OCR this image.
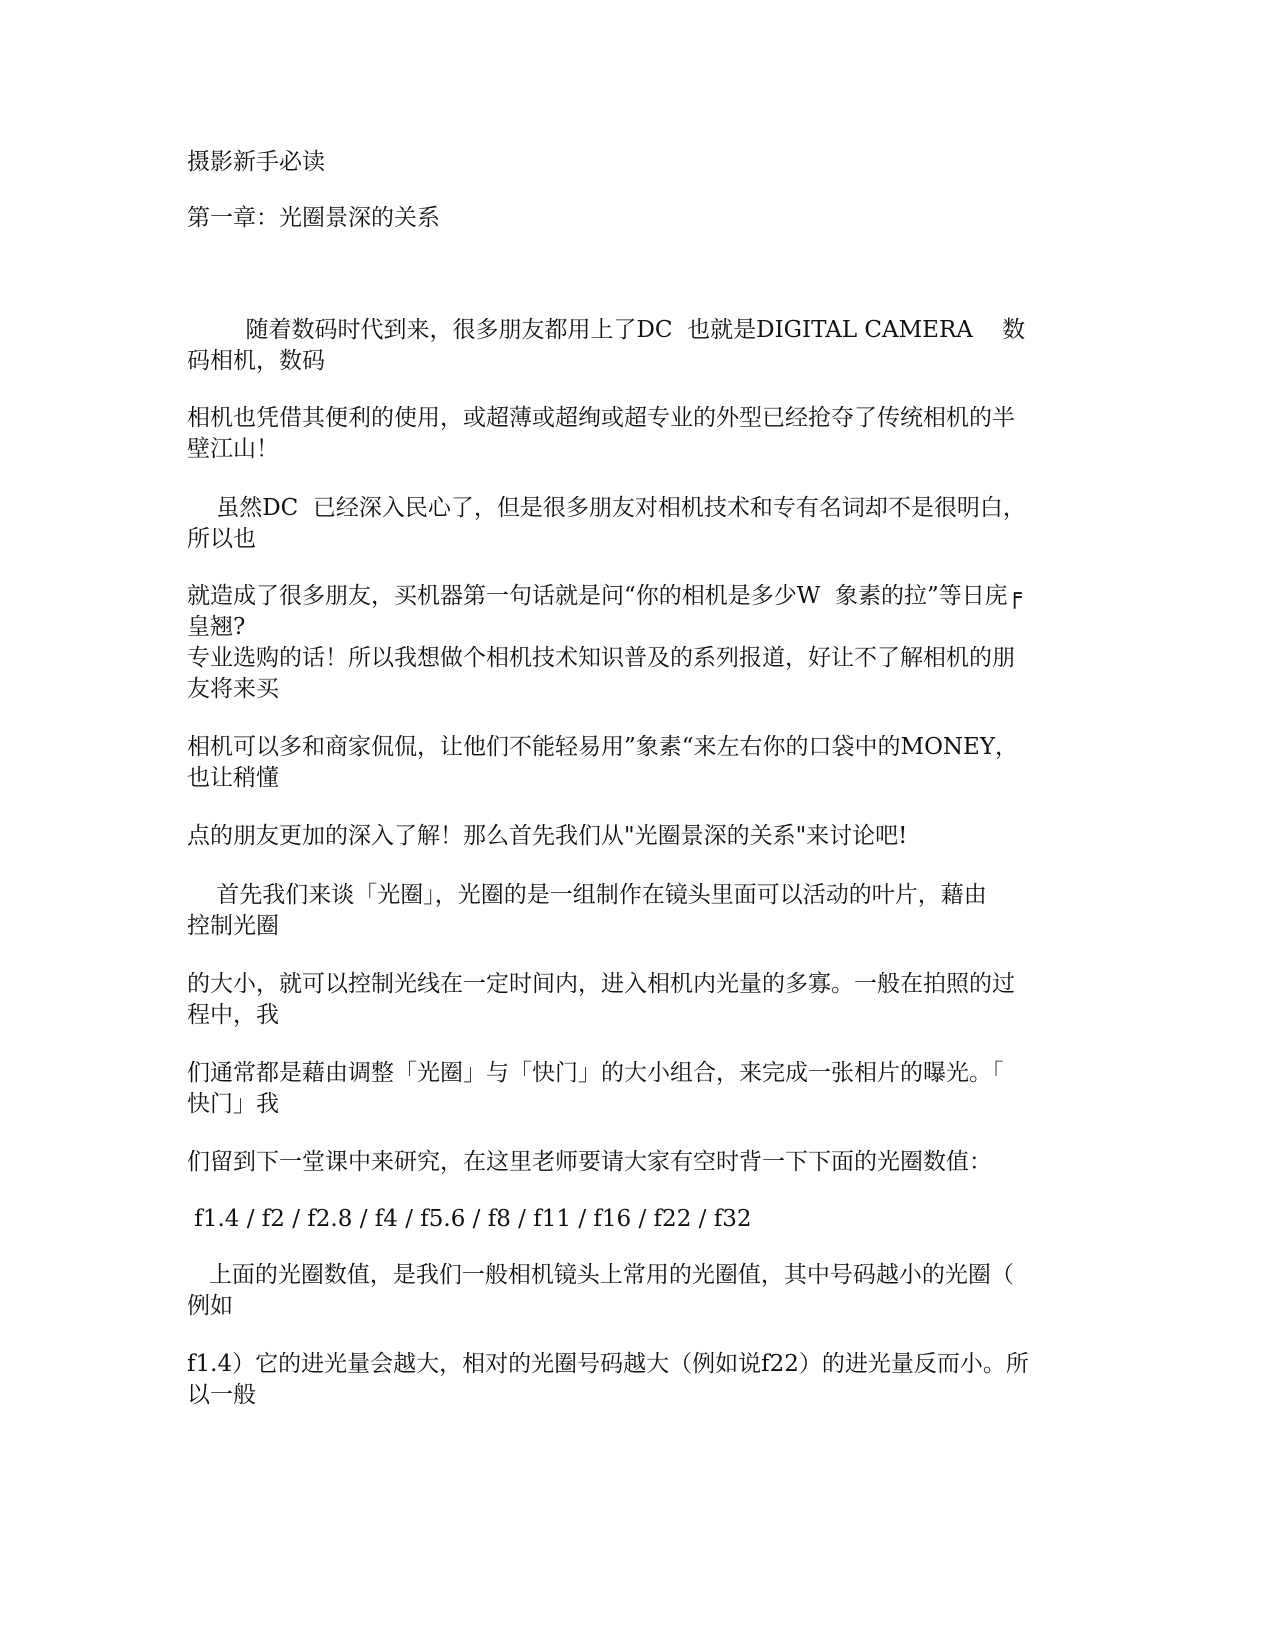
摄影新手必读
第一章：光圈景深的关系
随着数码时代到来，很多朋友都用上了DC  也就是DIGITAL CAMERA    数
码相机，数码
相机也凭借其便利的使用，或超薄或超绚或超专业的外型已经抢夺了传统相机的半
壁江山！
虽然DC  已经深入民心了，但是很多朋友对相机技术和专有名词却不是很明白，
所以也
就造成了很多朋友，买机器第一句话就是问“你的相机是多少W  象素的拉”等日庑╒
皇翘?
专业选购的话！所以我想做个相机技术知识普及的系列报道，好让不了解相机的朋
友将来买
相机可以多和商家侃侃，让他们不能轻易用”象素“来左右你的口袋中的MONEY，
也让稍懂
点的朋友更加的深入了解！那么首先我们从"光圈景深的关系"来讨论吧!
首先我们来谈「光圈」，光圈的是一组制作在镜头里面可以活动的叶片，藉由
控制光圈
的大小，就可以控制光线在一定时间内，进入相机内光量的多寡。一般在拍照的过
程中，我
们通常都是藉由调整「光圈」与「快门」的大小组合，来完成一张相片的曝光。「
快门」我
们留到下一堂课中来研究，在这里老师要请大家有空时背一下下面的光圈数值：
f1.4 / f2 / f2.8 / f4 / f5.6 / f8 / f11 / f16 / f22 / f32
上面的光圈数值，是我们一般相机镜头上常用的光圈值，其中号码越小的光圈（
例如
f1.4）它的进光量会越大，相对的光圈号码越大（例如说f22）的进光量反而小。所
以一般
